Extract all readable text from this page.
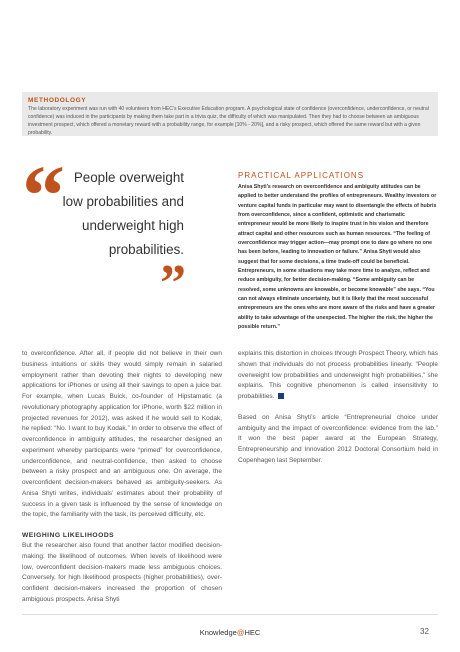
METHODOLOGY

The laboratory experiment was run with 40 volunteers from HEC’s Executive Education program. A psychological state of confidence (overconfidence, underconfidence, or neutral confidence) was induced in the participants by making them take part in a trivia quiz, the difficulty of which was manipulated. Then they had to choose between an ambiguous investment prospect, which offered a monetary reward with a probability range, for example [10% - 20%], and a risky prospect, which offered the same reward but with a given probability.

“ People overweight low probabilities and underweight high probabilities.
”
PRACTICAL APPLICATIONS

Anisa Shyti’s research on overconfidence and ambiguity attitudes can be applied to better understand the profiles of entrepreneurs. Wealthy investors or venture capital funds in particular may want to disentangle the effects of hubris from overconfidence, since a confident, optimistic and charismatic entrepreneur would be more likely to inspire trust in his vision and therefore attract capital and other resources such as human resources. “The feeling of overconfidence may trigger action—may prompt one to dare go where no one has been before, leading to innovation or failure.” Anisa Shyti would also suggest that for some decisions, a time trade-off could be beneficial. Entrepreneurs, in some situations may take more time to analyze, reflect and reduce ambiguity, for better decision-making. “Some ambiguity can be resolved, some unknowns are knowable, or become knowable” she says. “You can not always eliminate uncertainty, but it is likely that the most successful entrepreneurs are the ones who are more aware of the risks and have a greater ability to take advantage of the unexpected. The higher the risk, the higher the possible return.”

to overconfidence. After all, if people did not believe in their own business intuitions or skills they would simply remain in salaried employment rather than devoting their nights to developing new applications for iPhones or using all their savings to open a juice bar. For example, when Lucas Buick, co-founder of Hipstamatic (a revolutionary photography application for iPhone, worth $22 million in projected revenues for 2012), was asked if he would sell to Kodak, he replied: “No. I want to buy Kodak.” In order to observe the effect of overconfidence in ambiguity attitudes, the researcher designed an experiment whereby participants were “primed” for overconfidence, underconfidence, and neutral-confidence, then asked to choose between a risky prospect and an ambiguous one. On average, the overconfident decision-makers behaved as ambiguity-seekers. As Anisa Shyti writes, individuals’ estimates about their probability of success in a given task is influenced by the sense of knowledge on the topic, the familiarity with the task, its perceived difficulty, etc.

WEIGHING LIKELIHOODS

But the researcher also found that another factor modified decision-making: the likelihood of outcomes. When levels of likelihood were low, overconfident decision-makers made less ambiguous choices. Conversely, for high likelihood prospects (higher probabilities), over-confident decision-makers increased the proportion of chosen ambiguous prospects. Anisa Shyti

explains this distortion in choices through Prospect Theory, which has shown that individuals do not process probabilities linearly. “People overweight low probabilities and underweight high probabilities,” she explains. This cognitive phenomenon is called insensitivity to probabilities.

Based on Anisa Shyti’s article “Entrepreneurial choice under ambiguity and the impact of overconfidence: evidence from the lab.” It won the best paper award at the European Strategy, Entrepreneurship and Innovation 2012 Doctoral Consortium held in Copenhagen last September.

Knowledge@HEC	32
